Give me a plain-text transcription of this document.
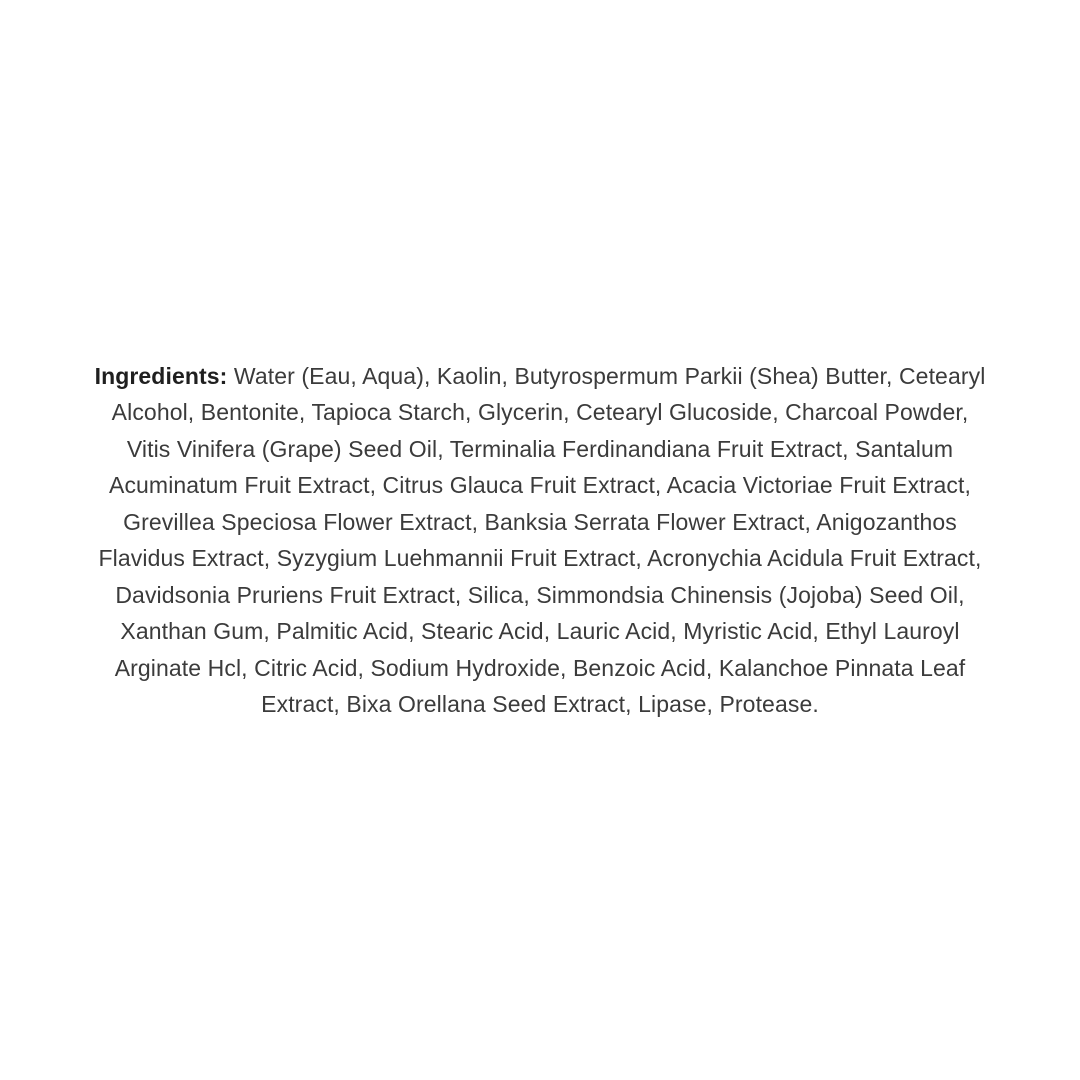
Ingredients: Water (Eau, Aqua), Kaolin, Butyrospermum Parkii (Shea) Butter, Cetearyl Alcohol, Bentonite, Tapioca Starch, Glycerin, Cetearyl Glucoside, Charcoal Powder, Vitis Vinifera (Grape) Seed Oil, Terminalia Ferdinandiana Fruit Extract, Santalum Acuminatum Fruit Extract, Citrus Glauca Fruit Extract, Acacia Victoriae Fruit Extract, Grevillea Speciosa Flower Extract, Banksia Serrata Flower Extract, Anigozanthos Flavidus Extract, Syzygium Luehmannii Fruit Extract, Acronychia Acidula Fruit Extract, Davidsonia Pruriens Fruit Extract, Silica, Simmondsia Chinensis (Jojoba) Seed Oil, Xanthan Gum, Palmitic Acid, Stearic Acid, Lauric Acid, Myristic Acid, Ethyl Lauroyl Arginate Hcl, Citric Acid, Sodium Hydroxide, Benzoic Acid, Kalanchoe Pinnata Leaf Extract, Bixa Orellana Seed Extract, Lipase, Protease.
